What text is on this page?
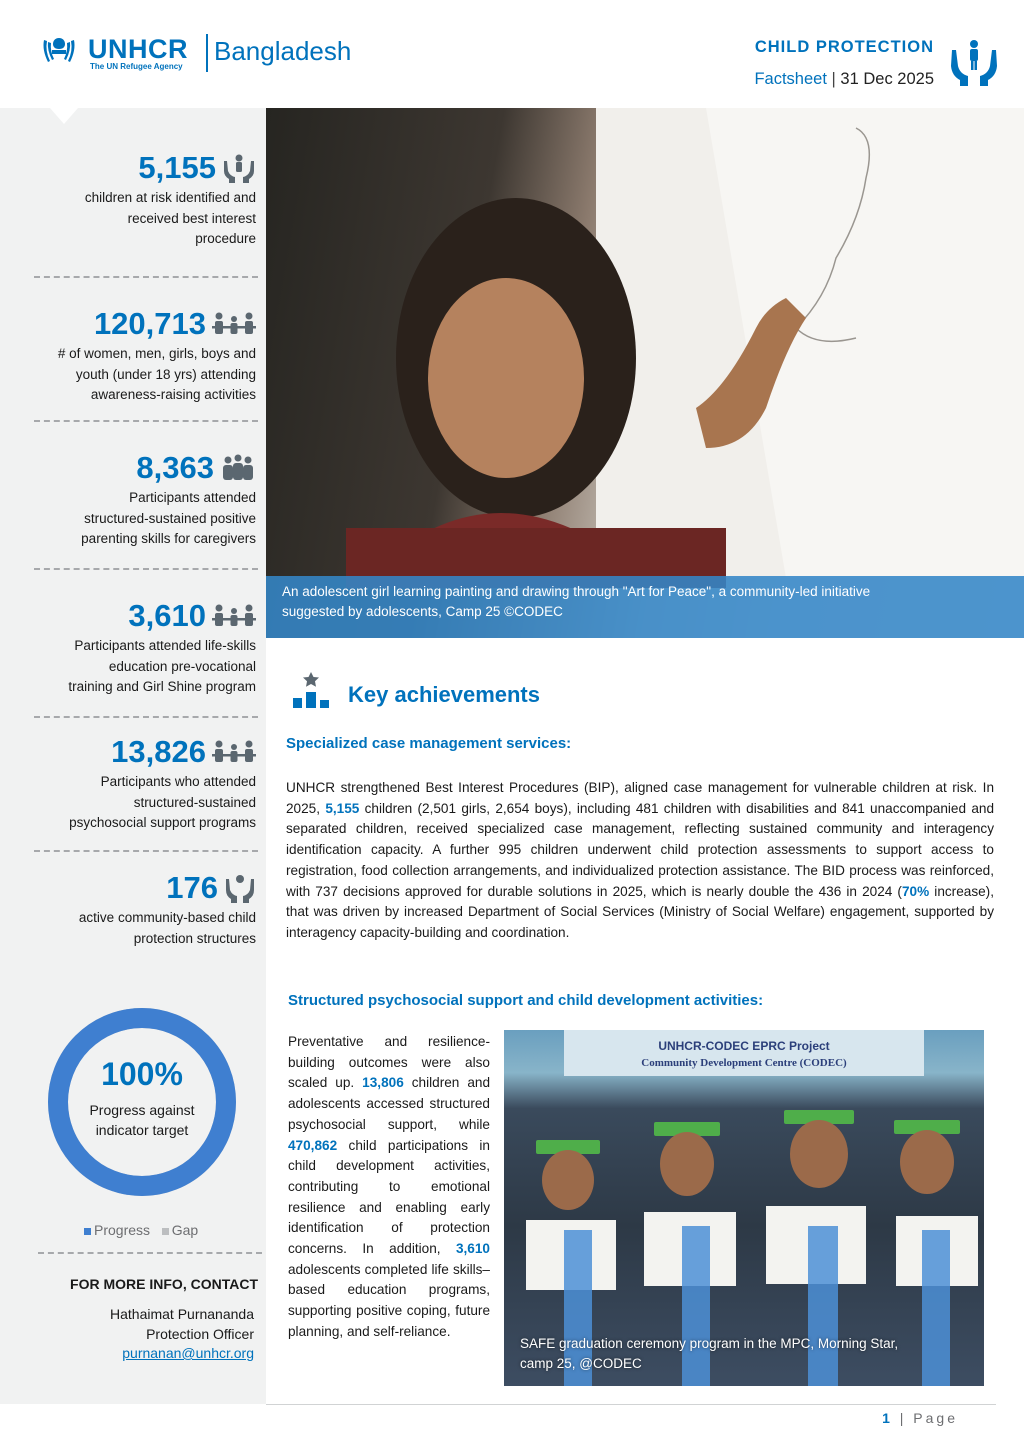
UNHCR
The UN Refugee Agency
Bangladesh	CHILD PROTECTION
Factsheet | 31 Dec 2025
5,155
children at risk identified and
received best interest
procedure
120,713
# of women, men, girls, boys and
youth (under 18 yrs) attending
awareness-raising activities
8,363
Participants attended
structured-sustained positive
parenting skills for caregivers
3,610
Participants attended life-skills
education pre-vocational
training and Girl Shine program
13,826
Participants who attended
structured-sustained
psychosocial support programs
176
active community-based child
protection structures
100%
Progress against
indicator target
Progress Gap
FOR MORE INFO, CONTACT
Hathaimat Purnananda
Protection Officer
purnanan@unhcr.org
An adolescent girl learning painting and drawing through "Art for Peace", a community-led initiative
suggested by adolescents, Camp 25 ©CODEC
Key achievements
Specialized case management services:
UNHCR strengthened Best Interest Procedures (BIP), aligned case management for vulnerable children at risk. In 2025, 5,155 children (2,501 girls, 2,654 boys), including 481 children with disabilities and 841 unaccompanied and separated children, received specialized case management, reflecting sustained community and interagency identification capacity. A further 995 children underwent child protection assessments to support access to registration, food collection arrangements, and individualized protection assistance. The BID process was reinforced, with 737 decisions approved for durable solutions in 2025, which is nearly double the 436 in 2024 (70% increase), that was driven by increased Department of Social Services (Ministry of Social Welfare) engagement, supported by interagency capacity-building and coordination.
Structured psychosocial support and child development activities:
Preventative and resilience-building outcomes were also scaled up. 13,806 children and adolescents accessed structured psychosocial support, while 470,862 child participations in child development activities, contributing to emotional resilience and enabling early identification of protection concerns. In addition, 3,610 adolescents completed life skills–based education programs, supporting positive coping, future planning, and self-reliance.
UNHCR-CODEC EPRC Project
Community Development Centre (CODEC)
SAFE graduation ceremony program in the MPC, Morning Star,
camp 25, @CODEC
1 | Page
